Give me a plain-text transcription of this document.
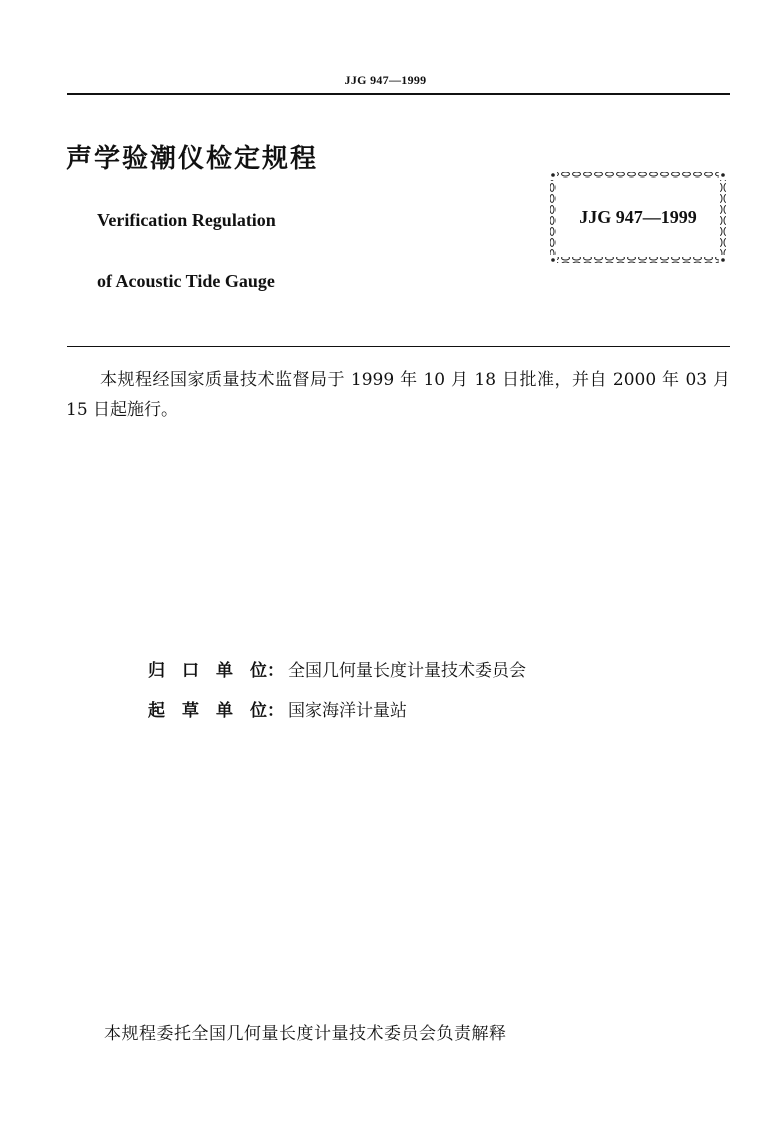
JJG 947—1999
声学验潮仪检定规程
Verification Regulation
of Acoustic Tide Gauge
JJG 947—1999
本规程经国家质量技术监督局于 1999 年 10 月 18 日批准，并自 2000 年 03 月 15 日起施行。
归 口 单 位： 全国几何量长度计量技术委员会
起 草 单 位： 国家海洋计量站
本规程委托全国几何量长度计量技术委员会负责解释
